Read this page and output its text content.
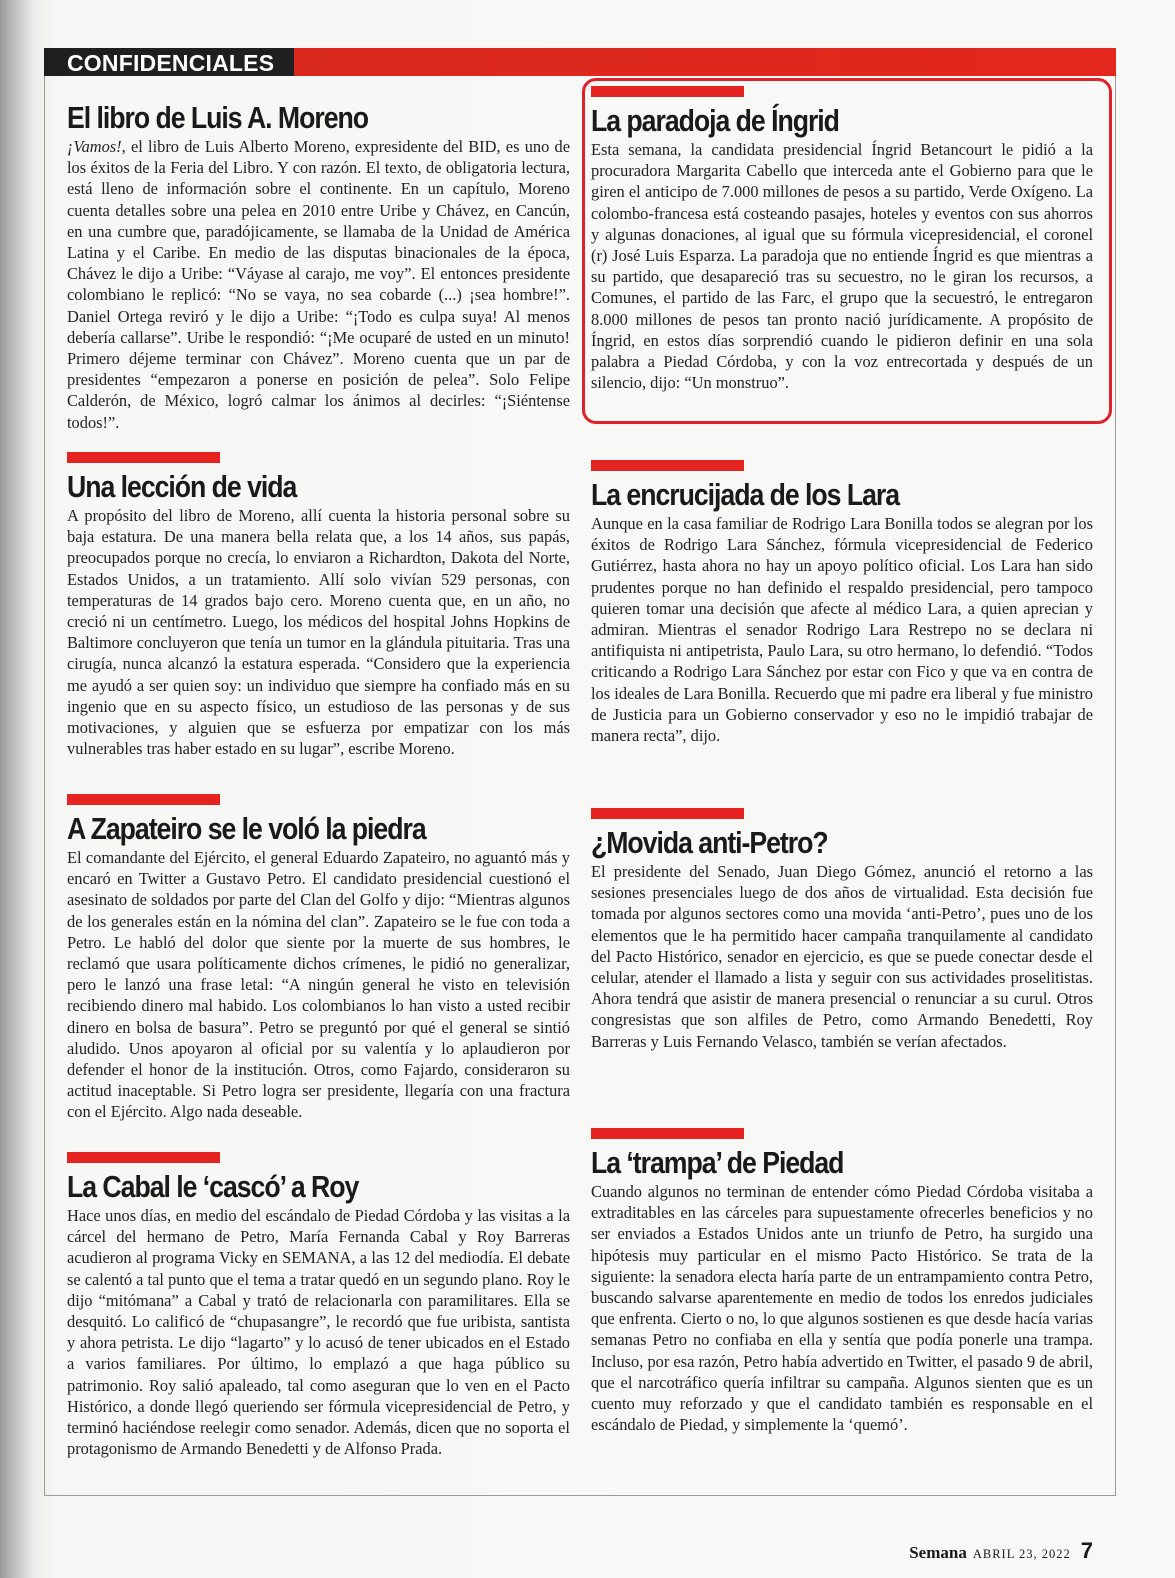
CONFIDENCIALES
El libro de Luis A. Moreno

¡Vamos!, el libro de Luis Alberto Moreno, expresidente del BID, es uno de los éxitos de la Feria del Libro. Y con razón. El texto, de obligatoria lectura, está lleno de información sobre el continente. En un capítulo, Moreno cuenta detalles sobre una pelea en 2010 entre Uribe y Chávez, en Cancún, en una cumbre que, paradójicamente, se llamaba de la Unidad de América Latina y el Caribe. En medio de las disputas binacionales de la época, Chávez le dijo a Uribe: “Váyase al carajo, me voy”. El entonces presidente colombiano le replicó: “No se vaya, no sea cobarde (...) ¡sea hombre!”. Daniel Ortega reviró y le dijo a Uribe: “¡Todo es culpa suya! Al menos debería callarse”. Uribe le respondió: “¡Me ocuparé de usted en un minuto! Primero déjeme terminar con Chávez”. Moreno cuenta que un par de presidentes “empezaron a ponerse en posición de pelea”. Solo Felipe Calderón, de México, logró calmar los ánimos al decirles: “¡Siéntense todos!”.

Una lección de vida

A propósito del libro de Moreno, allí cuenta la historia personal sobre su baja estatura. De una manera bella relata que, a los 14 años, sus papás, preocupados porque no crecía, lo enviaron a Richardton, Dakota del Norte, Estados Unidos, a un tratamiento. Allí solo vivían 529 personas, con temperaturas de 14 grados bajo cero. Moreno cuenta que, en un año, no creció ni un centímetro. Luego, los médicos del hospital Johns Hopkins de Baltimore concluyeron que tenía un tumor en la glándula pituitaria. Tras una cirugía, nunca alcanzó la estatura esperada. “Considero que la experiencia me ayudó a ser quien soy: un individuo que siempre ha confiado más en su ingenio que en su aspecto físico, un estudioso de las personas y de sus motivaciones, y alguien que se esfuerza por empatizar con los más vulnerables tras haber estado en su lugar”, escribe Moreno.

A Zapateiro se le voló la piedra

El comandante del Ejército, el general Eduardo Zapateiro, no aguantó más y encaró en Twitter a Gustavo Petro. El candidato presidencial cuestionó el asesinato de soldados por parte del Clan del Golfo y dijo: “Mientras algunos de los generales están en la nómina del clan”. Zapateiro se le fue con toda a Petro. Le habló del dolor que siente por la muerte de sus hombres, le reclamó que usara políticamente dichos crímenes, le pidió no generalizar, pero le lanzó una frase letal: “A ningún general he visto en televisión recibiendo dinero mal habido. Los colombianos lo han visto a usted recibir dinero en bolsa de basura”. Petro se preguntó por qué el general se sintió aludido. Unos apoyaron al oficial por su valentía y lo aplaudieron por defender el honor de la institución. Otros, como Fajardo, consideraron su actitud inaceptable. Si Petro logra ser presidente, llegaría con una fractura con el Ejército. Algo nada deseable.

La Cabal le ‘cascó’ a Roy

Hace unos días, en medio del escándalo de Piedad Córdoba y las visitas a la cárcel del hermano de Petro, María Fernanda Cabal y Roy Barreras acudieron al programa Vicky en SEMANA, a las 12 del mediodía. El debate se calentó a tal punto que el tema a tratar quedó en un segundo plano. Roy le dijo “mitómana” a Cabal y trató de relacionarla con paramilitares. Ella se desquitó. Lo calificó de “chupasangre”, le recordó que fue uribista, santista y ahora petrista. Le dijo “lagarto” y lo acusó de tener ubicados en el Estado a varios familiares. Por último, lo emplazó a que haga público su patrimonio. Roy salió apaleado, tal como aseguran que lo ven en el Pacto Histórico, a donde llegó queriendo ser fórmula vicepresidencial de Petro, y terminó haciéndose reelegir como senador. Además, dicen que no soporta el protagonismo de Armando Benedetti y de Alfonso Prada.

La paradoja de Íngrid

Esta semana, la candidata presidencial Íngrid Betancourt le pidió a la procuradora Margarita Cabello que interceda ante el Gobierno para que le giren el anticipo de 7.000 millones de pesos a su partido, Verde Oxígeno. La colombo-francesa está costeando pasajes, hoteles y eventos con sus ahorros y algunas donaciones, al igual que su fórmula vicepresidencial, el coronel (r) José Luis Esparza. La paradoja que no entiende Íngrid es que mientras a su partido, que desapareció tras su secuestro, no le giran los recursos, a Comunes, el partido de las Farc, el grupo que la secuestró, le entregaron 8.000 millones de pesos tan pronto nació jurídicamente. A propósito de Íngrid, en estos días sorprendió cuando le pidieron definir en una sola palabra a Piedad Córdoba, y con la voz entrecortada y después de un silencio, dijo: “Un monstruo”.

La encrucijada de los Lara

Aunque en la casa familiar de Rodrigo Lara Bonilla todos se alegran por los éxitos de Rodrigo Lara Sánchez, fórmula vicepresidencial de Federico Gutiérrez, hasta ahora no hay un apoyo político oficial. Los Lara han sido prudentes porque no han definido el respaldo presidencial, pero tampoco quieren tomar una decisión que afecte al médico Lara, a quien aprecian y admiran. Mientras el senador Rodrigo Lara Restrepo no se declara ni antifiquista ni antipetrista, Paulo Lara, su otro hermano, lo defendió. “Todos criticando a Rodrigo Lara Sánchez por estar con Fico y que va en contra de los ideales de Lara Bonilla. Recuerdo que mi padre era liberal y fue ministro de Justicia para un Gobierno conservador y eso no le impidió trabajar de manera recta”, dijo.

¿Movida anti-Petro?

El presidente del Senado, Juan Diego Gómez, anunció el retorno a las sesiones presenciales luego de dos años de virtualidad. Esta decisión fue tomada por algunos sectores como una movida ‘anti-Petro’, pues uno de los elementos que le ha permitido hacer campaña tranquilamente al candidato del Pacto Histórico, senador en ejercicio, es que se puede conectar desde el celular, atender el llamado a lista y seguir con sus actividades proselitistas. Ahora tendrá que asistir de manera presencial o renunciar a su curul. Otros congresistas que son alfiles de Petro, como Armando Benedetti, Roy Barreras y Luis Fernando Velasco, también se verían afectados.

La ‘trampa’ de Piedad

Cuando algunos no terminan de entender cómo Piedad Córdoba visitaba a extraditables en las cárceles para supuestamente ofrecerles beneficios y no ser enviados a Estados Unidos ante un triunfo de Petro, ha surgido una hipótesis muy particular en el mismo Pacto Histórico. Se trata de la siguiente: la senadora electa haría parte de un entrampamiento contra Petro, buscando salvarse aparentemente en medio de todos los enredos judiciales que enfrenta. Cierto o no, lo que algunos sostienen es que desde hacía varias semanas Petro no confiaba en ella y sentía que podía ponerle una trampa. Incluso, por esa razón, Petro había advertido en Twitter, el pasado 9 de abril, que el narcotráfico quería infiltrar su campaña. Algunos sienten que es un cuento muy reforzado y que el candidato también es responsable en el escándalo de Piedad, y simplemente la ‘quemó’.

Semana ABRIL 23, 2022 7
